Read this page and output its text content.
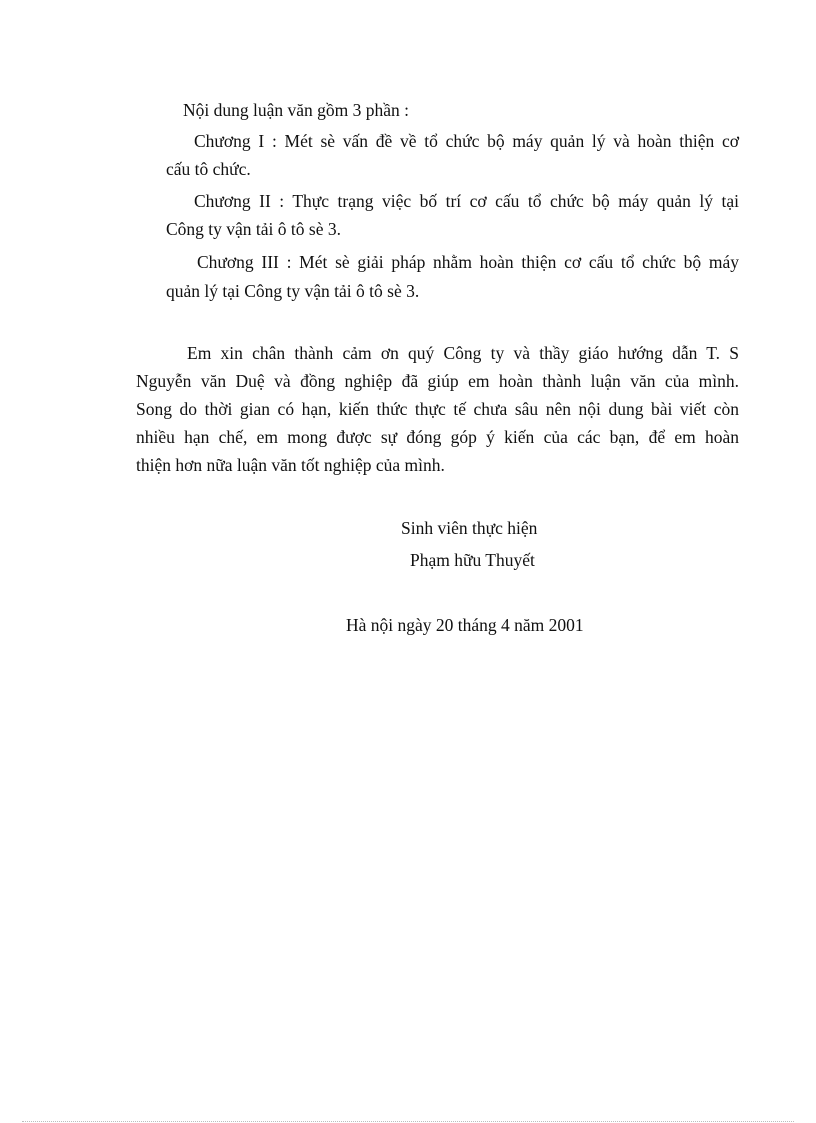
Nội dung luận văn gồm 3 phần :
Chương I : Mét sè vấn đề về tổ chức bộ máy quản lý và hoàn thiện cơ
cấu tô chức.
Chương II : Thực trạng việc bố trí cơ cấu tổ chức bộ máy quản lý tại
Công ty vận tải ô tô sè 3.
Chương III : Mét sè giải pháp nhằm hoàn thiện cơ cấu tổ chức bộ máy
quản lý tại Công ty vận tải ô tô sè 3.
Em xin chân thành cảm ơn quý Công ty và thầy giáo hướng dẫn T. S
Nguyễn văn Duệ và đồng nghiệp đã giúp em hoàn thành luận văn của mình.
Song do thời gian có hạn, kiến thức thực tế chưa sâu nên nội dung bài viết còn
nhiều hạn chế, em mong được sự đóng góp ý kiến của các bạn, để em hoàn
thiện hơn nữa luận văn tốt nghiệp của mình.
Sinh viên thực hiện
Phạm hữu Thuyết
Hà nội ngày 20 tháng 4 năm 2001
